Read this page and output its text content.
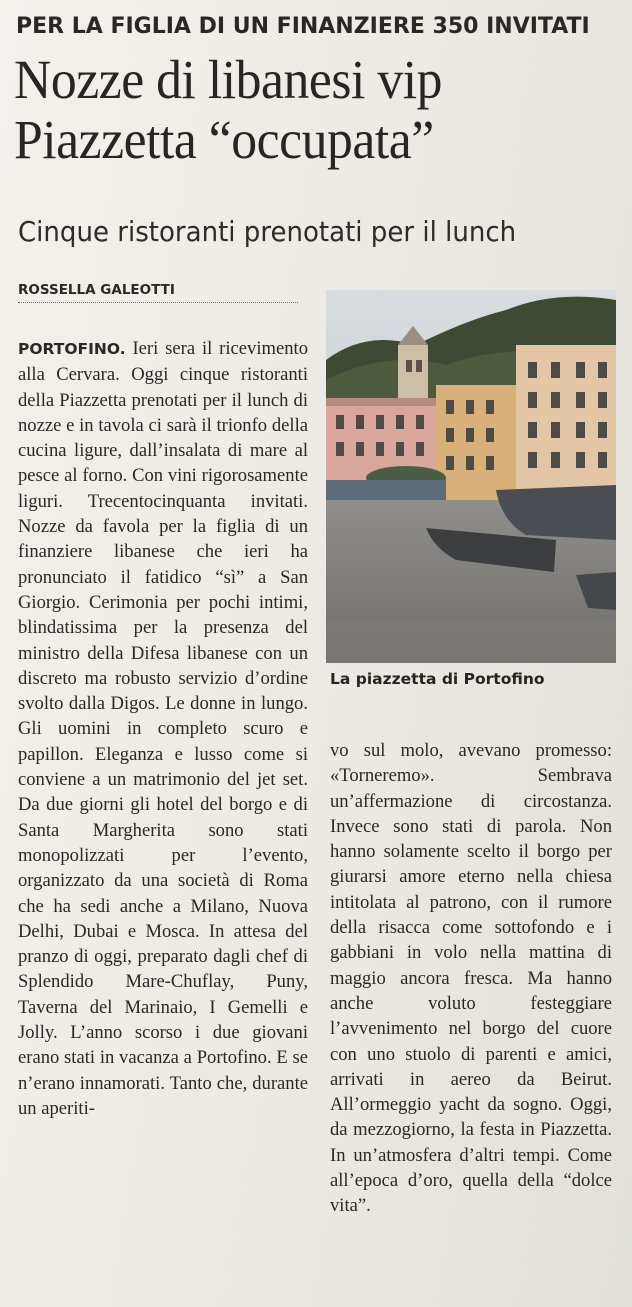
PER LA FIGLIA DI UN FINANZIERE 350 INVITATI
Nozze di libanesi vip
Piazzetta “occupata”
Cinque ristoranti prenotati per il lunch
ROSSELLA GALEOTTI
La piazzetta di Portofino

PORTOFINO. Ieri sera il ricevimento alla Cervara. Oggi cinque ristoranti della Piazzetta prenotati per il lunch di nozze e in tavola ci sarà il trionfo della cucina ligure, dall’insalata di mare al pesce al forno. Con vini rigorosamente liguri. Trecentocinquanta invitati. Nozze da favola per la figlia di un finanziere libanese che ieri ha pronunciato il fatidico “sì” a San Giorgio. Cerimonia per pochi intimi, blindatissima per la presenza del ministro della Difesa libanese con un discreto ma robusto servizio d’ordine svolto dalla Digos. Le donne in lungo. Gli uomini in completo scuro e papillon. Eleganza e lusso come si conviene a un matrimonio del jet set. Da due giorni gli hotel del borgo e di Santa Margherita sono stati monopolizzati per l’evento, organizzato da una società di Roma che ha sedi anche a Milano, Nuova Delhi, Dubai e Mosca. In attesa del pranzo di oggi, preparato dagli chef di Splendido Mare-Chuflay, Puny, Taverna del Marinaio, I Gemelli e Jolly. L’anno scorso i due giovani erano stati in vacanza a Portofino. E se n’erano innamorati. Tanto che, durante un aperiti-

vo sul molo, avevano promesso: «Torneremo». Sembrava un’affermazione di circostanza. Invece sono stati di parola. Non hanno solamente scelto il borgo per giurarsi amore eterno nella chiesa intitolata al patrono, con il rumore della risacca come sottofondo e i gabbiani in volo nella mattina di maggio ancora fresca. Ma hanno anche voluto festeggiare l’avvenimento nel borgo del cuore con uno stuolo di parenti e amici, arrivati in aereo da Beirut. All’ormeggio yacht da sogno. Oggi, da mezzogiorno, la festa in Piazzetta. In un’atmosfera d’altri tempi. Come all’epoca d’oro, quella della “dolce vita”.
